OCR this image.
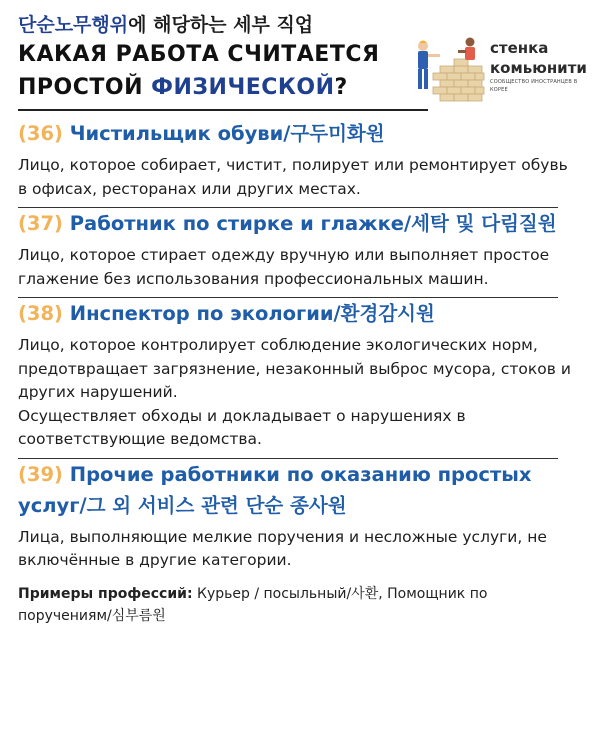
단순노무행위에 해당하는 세부 직업
КАКАЯ РАБОТА СЧИТАЕТСЯ
ПРОСТОЙ ФИЗИЧЕСКОЙ?
стенка
комьюнити
СООБЩЕСТВО ИНОСТРАНЦЕВ В КОРЕЕ
(36) Чистильщик обуви/구두미화원
Лицо, которое собирает, чистит, полирует или ремонтирует обувь в офисах, ресторанах или других местах.
(37) Работник по стирке и глажке/세탁 및 다림질원
Лицо, которое стирает одежду вручную или выполняет простое глажение без использования профессиональных машин.
(38) Инспектор по экологии/환경감시원
Лицо, которое контролирует соблюдение экологических норм, предотвращает загрязнение, незаконный выброс мусора, стоков и других нарушений.
Осуществляет обходы и докладывает о нарушениях в соответствующие ведомства.
(39) Прочие работники по оказанию простых услуг/그 외 서비스 관련 단순 종사원
Лица, выполняющие мелкие поручения и несложные услуги, не включённые в другие категории.
Примеры профессий: Курьер / посыльный/사환, Помощник по поручениям/심부름원
